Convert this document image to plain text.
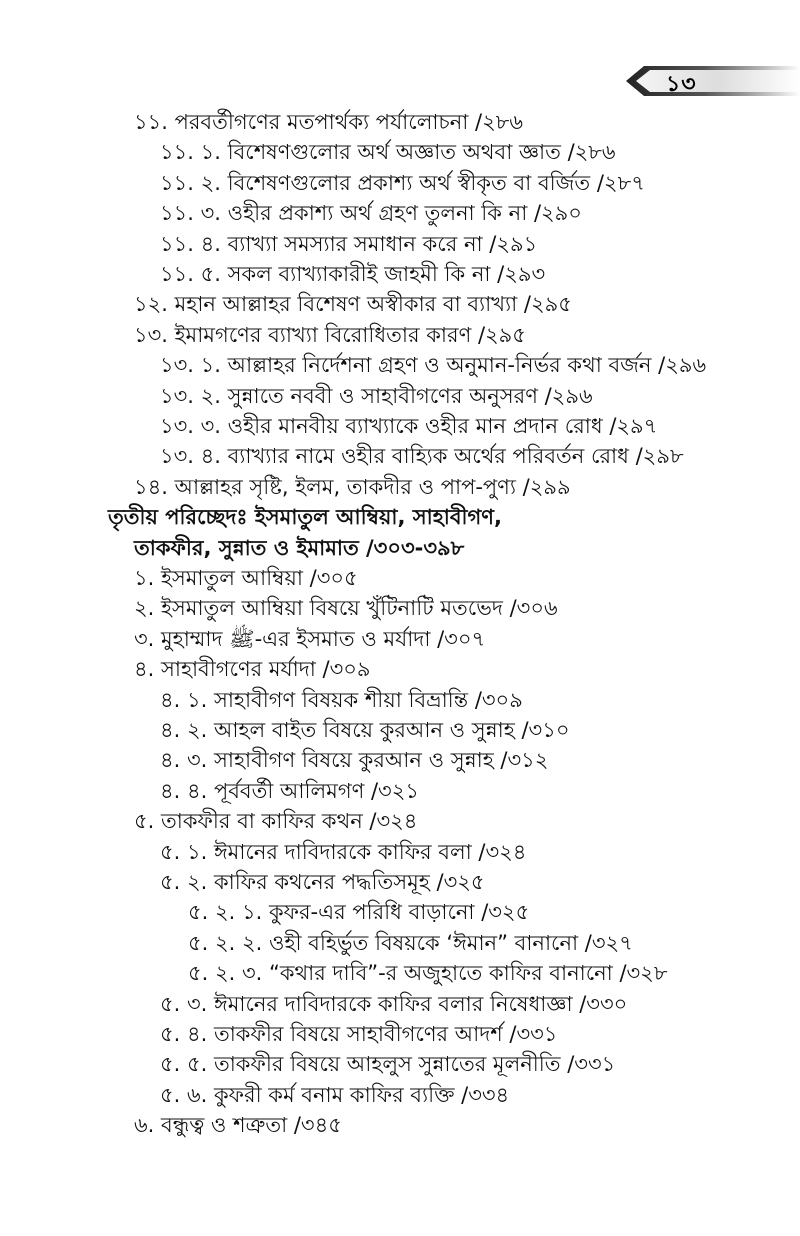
১৩
১১. পরবর্তীগণের মতপার্থক্য পর্যালোচনা /২৮৬
১১. ১. বিশেষণগুলোর অর্থ অজ্ঞাত অথবা জ্ঞাত /২৮৬
১১. ২. বিশেষণগুলোর প্রকাশ্য অর্থ স্বীকৃত বা বর্জিত /২৮৭
১১. ৩. ওহীর প্রকাশ্য অর্থ গ্রহণ তুলনা কি না /২৯০
১১. ৪. ব্যাখ্যা সমস্যার সমাধান করে না /২৯১
১১. ৫. সকল ব্যাখ্যাকারীই জাহমী কি না /২৯৩
১২. মহান আল্লাহর বিশেষণ অস্বীকার বা ব্যাখ্যা /২৯৫
১৩. ইমামগণের ব্যাখ্যা বিরোধিতার কারণ /২৯৫
১৩. ১. আল্লাহর নির্দেশনা গ্রহণ ও অনুমান-নির্ভর কথা বর্জন /২৯৬
১৩. ২. সুন্নাতে নববী ও সাহাবীগণের অনুসরণ /২৯৬
১৩. ৩. ওহীর মানবীয় ব্যাখ্যাকে ওহীর মান প্রদান রোধ /২৯৭
১৩. ৪. ব্যাখ্যার নামে ওহীর বাহ্যিক অর্থের পরিবর্তন রোধ /২৯৮
১৪. আল্লাহর সৃষ্টি, ইলম, তাকদীর ও পাপ-পুণ্য /২৯৯
তৃতীয় পরিচ্ছেদঃ ইসমাতুল আম্বিয়া, সাহাবীগণ,
তাকফীর, সুন্নাত ও ইমামাত /৩০৩-৩৯৮
১. ইসমাতুল আম্বিয়া /৩০৫
২. ইসমাতুল আম্বিয়া বিষয়ে খুঁটিনাটি মতভেদ /৩০৬
৩. মুহাম্মাদ ﷺ-এর ইসমাত ও মর্যাদা /৩০৭
৪. সাহাবীগণের মর্যাদা /৩০৯
৪. ১. সাহাবীগণ বিষয়ক শীয়া বিভ্রান্তি /৩০৯
৪. ২. আহল বাইত বিষয়ে কুরআন ও সুন্নাহ /৩১০
৪. ৩. সাহাবীগণ বিষয়ে কুরআন ও সুন্নাহ /৩১২
৪. ৪. পূর্ববর্তী আলিমগণ /৩২১
৫. তাকফীর বা কাফির কথন /৩২৪
৫. ১. ঈমানের দাবিদারকে কাফির বলা /৩২৪
৫. ২. কাফির কথনের পদ্ধতিসমূহ /৩২৫
৫. ২. ১. কুফর-এর পরিধি বাড়ানো /৩২৫
৫. ২. ২. ওহী বহির্ভুত বিষয়কে ‘ঈমান” বানানো /৩২৭
৫. ২. ৩. “কথার দাবি”-র অজুহাতে কাফির বানানো /৩২৮
৫. ৩. ঈমানের দাবিদারকে কাফির বলার নিষেধাজ্ঞা /৩৩০
৫. ৪. তাকফীর বিষয়ে সাহাবীগণের আদর্শ /৩৩১
৫. ৫. তাকফীর বিষয়ে আহলুস সুন্নাতের মূলনীতি /৩৩১
৫. ৬. কুফরী কর্ম বনাম কাফির ব্যক্তি /৩৩৪
৬. বন্ধুত্ব ও শত্রুতা /৩৪৫
